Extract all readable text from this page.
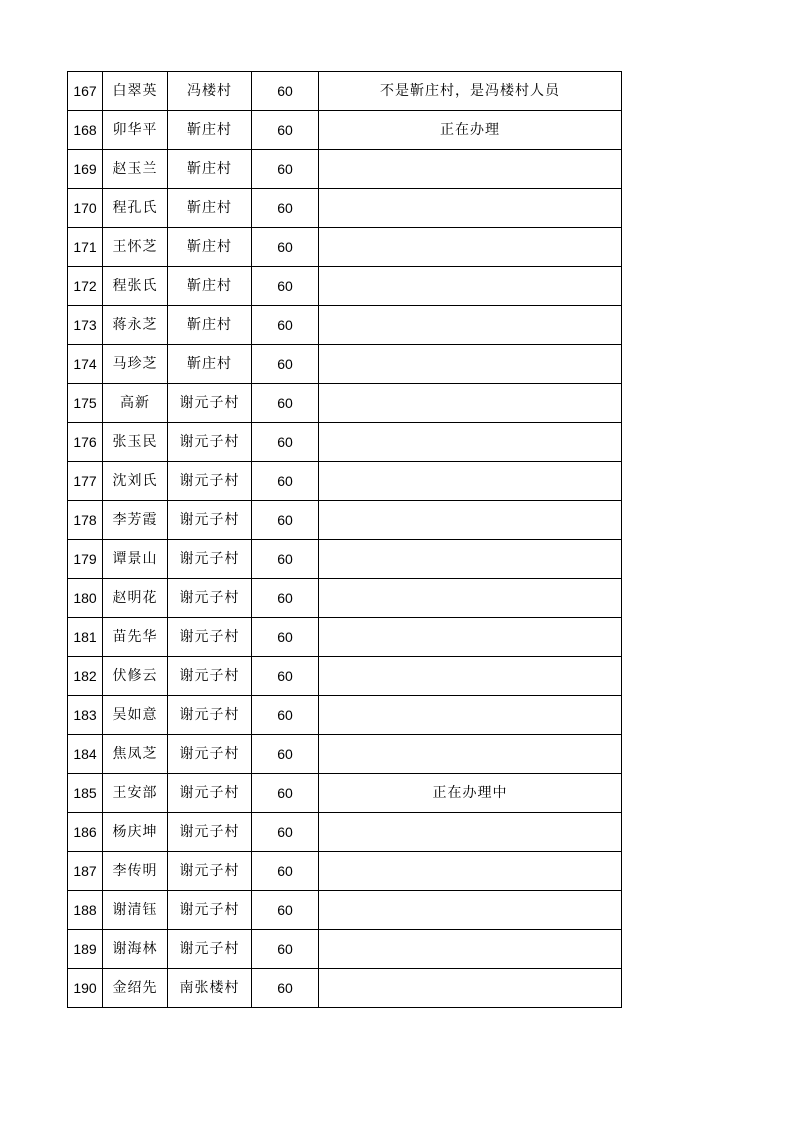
167	白翠英	冯楼村	60	不是靳庄村，是冯楼村人员
168	卯华平	靳庄村	60	正在办理
169	赵玉兰	靳庄村	60	
170	程孔氏	靳庄村	60	
171	王怀芝	靳庄村	60	
172	程张氏	靳庄村	60	
173	蒋永芝	靳庄村	60	
174	马珍芝	靳庄村	60	
175	高新	谢元子村	60	
176	张玉民	谢元子村	60	
177	沈刘氏	谢元子村	60	
178	李芳霞	谢元子村	60	
179	谭景山	谢元子村	60	
180	赵明花	谢元子村	60	
181	苗先华	谢元子村	60	
182	伏修云	谢元子村	60	
183	吴如意	谢元子村	60	
184	焦凤芝	谢元子村	60	
185	王安部	谢元子村	60	正在办理中
186	杨庆坤	谢元子村	60	
187	李传明	谢元子村	60	
188	谢清钰	谢元子村	60	
189	谢海林	谢元子村	60	
190	金绍先	南张楼村	60	
